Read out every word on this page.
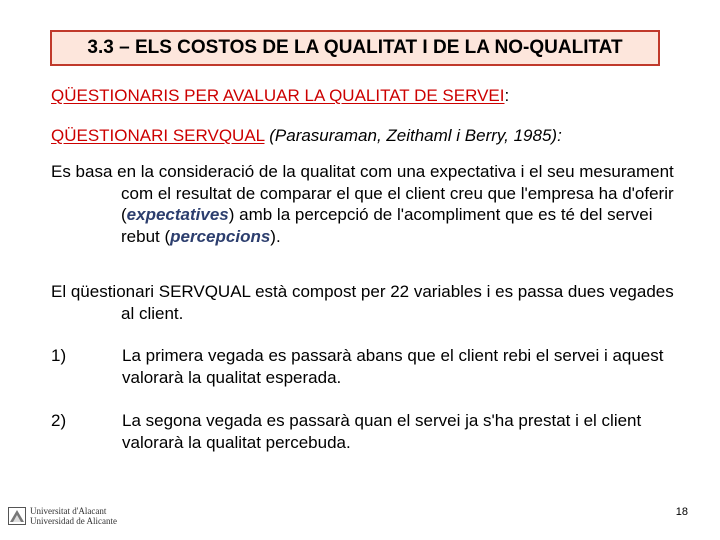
3.3 – ELS COSTOS DE LA QUALITAT I DE LA NO-QUALITAT
QÜESTIONARIS PER AVALUAR LA QUALITAT DE SERVEI:
QÜESTIONARI SERVQUAL (Parasuraman, Zeithaml i Berry, 1985):
Es basa en la consideració de la qualitat com una expectativa i el seu mesurament com el resultat de comparar el que el client creu que l'empresa ha d'oferir (expectatives) amb la percepció de l'acompliment que es té del servei rebut (percepcions).
El qüestionari SERVQUAL està compost per 22 variables i es passa dues vegades al client.
1)	La primera vegada es passarà abans que el client rebi el servei i aquest valorarà la qualitat esperada.
2)	La segona vegada es passarà quan el servei ja s'ha prestat i el client valorarà la qualitat percebuda.
Universitat d'Alacant
Universidad de Alicante
18
